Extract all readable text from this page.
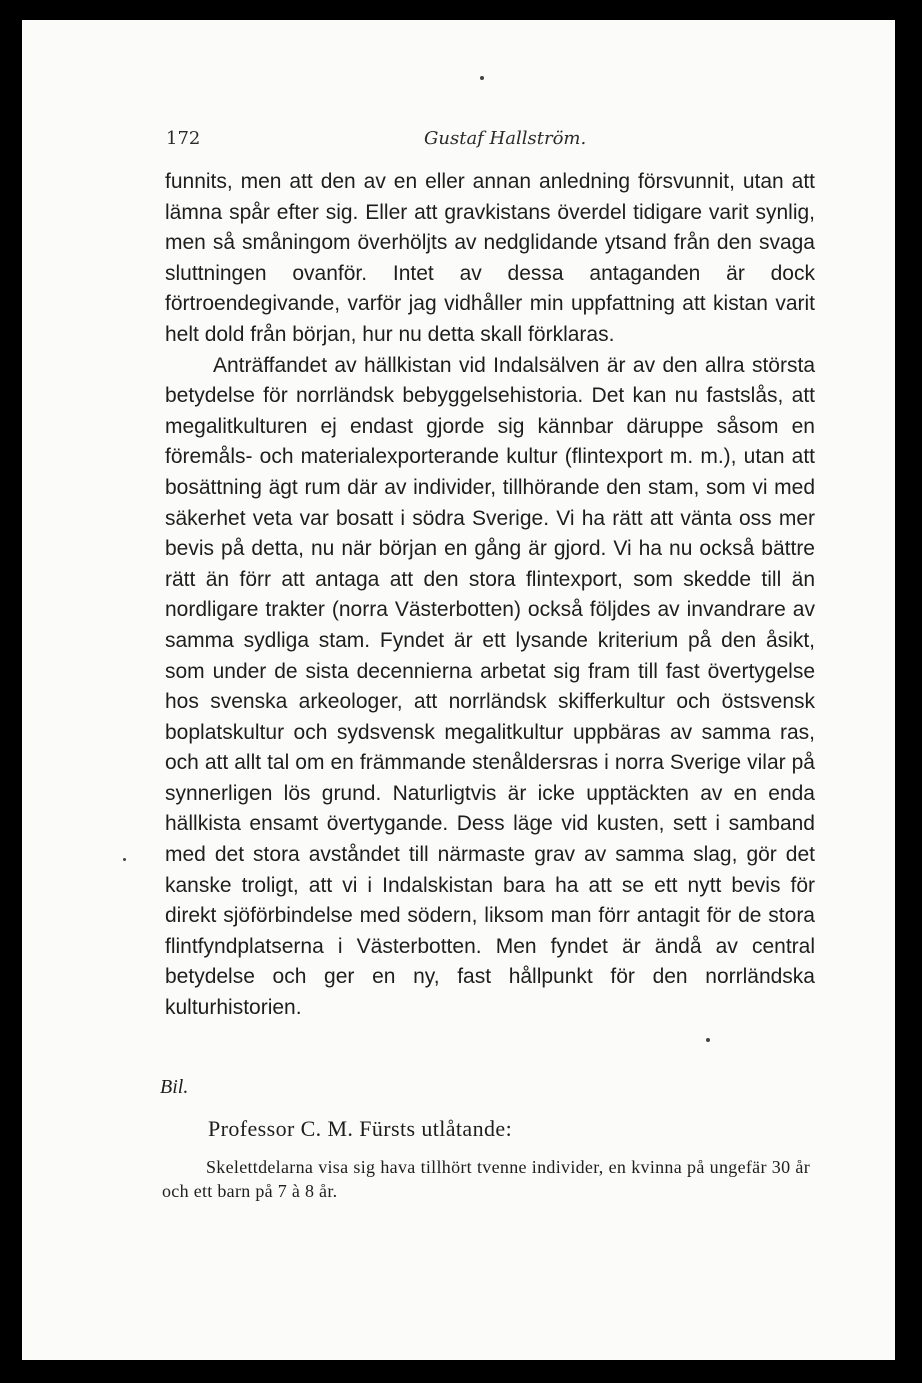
172	Gustaf Hallström.

funnits, men att den av en eller annan anledning försvunnit, utan att lämna spår efter sig. Eller att gravkistans överdel tidigare varit synlig, men så småningom överhöljts av nedglidande ytsand från den svaga sluttningen ovanför. Intet av dessa antaganden är dock förtroendegivande, varför jag vidhåller min uppfattning att kistan varit helt dold från början, hur nu detta skall förklaras.

Anträffandet av hällkistan vid Indalsälven är av den allra största betydelse för norrländsk bebyggelsehistoria. Det kan nu fastslås, att megalitkulturen ej endast gjorde sig kännbar däruppe såsom en föremåls- och materialexporterande kultur (flintexport m. m.), utan att bosättning ägt rum där av individer, tillhörande den stam, som vi med säkerhet veta var bosatt i södra Sverige. Vi ha rätt att vänta oss mer bevis på detta, nu när början en gång är gjord. Vi ha nu också bättre rätt än förr att antaga att den stora flintexport, som skedde till än nordligare trakter (norra Västerbotten) också följdes av invandrare av samma sydliga stam. Fyndet är ett lysande kriterium på den åsikt, som under de sista decennierna arbetat sig fram till fast övertygelse hos svenska arkeologer, att norrländsk skifferkultur och östsvensk boplatskultur och sydsvensk megalitkultur uppbäras av samma ras, och att allt tal om en främmande stenåldersras i norra Sverige vilar på synnerligen lös grund. Naturligtvis är icke upptäckten av en enda hällkista ensamt övertygande. Dess läge vid kusten, sett i samband med det stora avståndet till närmaste grav av samma slag, gör det kanske troligt, att vi i Indalskistan bara ha att se ett nytt bevis för direkt sjöförbindelse med södern, liksom man förr antagit för de stora flintfyndplatserna i Västerbotten. Men fyndet är ändå av central betydelse och ger en ny, fast hållpunkt för den norrländska kulturhistorien.

Bil.
Professor C. M. Fürsts utlåtande:

Skelettdelarna visa sig hava tillhört tvenne individer, en kvinna på ungefär 30 år och ett barn på 7 à 8 år.
